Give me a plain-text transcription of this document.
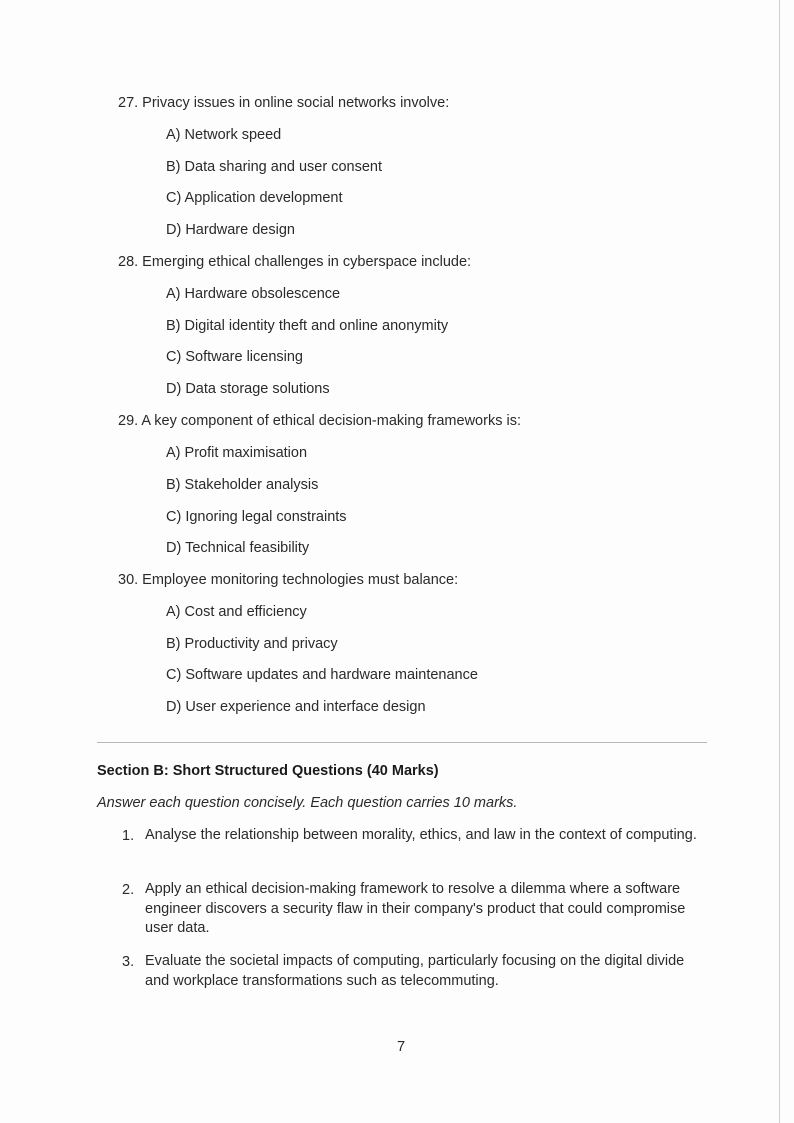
27. Privacy issues in online social networks involve:
A) Network speed
B) Data sharing and user consent
C) Application development
D) Hardware design
28. Emerging ethical challenges in cyberspace include:
A) Hardware obsolescence
B) Digital identity theft and online anonymity
C) Software licensing
D) Data storage solutions
29. A key component of ethical decision-making frameworks is:
A) Profit maximisation
B) Stakeholder analysis
C) Ignoring legal constraints
D) Technical feasibility
30. Employee monitoring technologies must balance:
A) Cost and efficiency
B) Productivity and privacy
C) Software updates and hardware maintenance
D) User experience and interface design
Section B: Short Structured Questions (40 Marks)
Answer each question concisely. Each question carries 10 marks.
1. Analyse the relationship between morality, ethics, and law in the context of computing.
2. Apply an ethical decision-making framework to resolve a dilemma where a software engineer discovers a security flaw in their company's product that could compromise user data.
3. Evaluate the societal impacts of computing, particularly focusing on the digital divide and workplace transformations such as telecommuting.
7
